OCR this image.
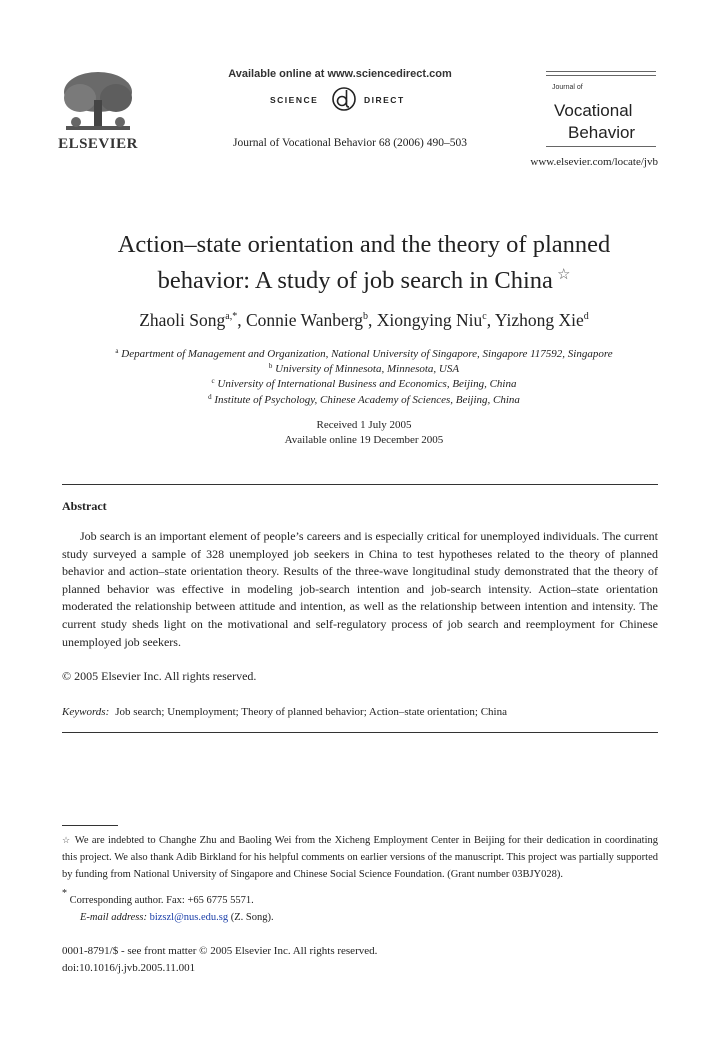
ELSEVIER
Available online at www.sciencedirect.com
SCIENCE	DIRECT
Journal of Vocational Behavior 68 (2006) 490–503
Journal of
Vocational
Behavior
www.elsevier.com/locate/jvb
Action–state orientation and the theory of planned
behavior: A study of job search in China ☆
Zhaoli Song$^{a,*}$, Connie Wanberg$^b$, Xiongying Niu$^c$, Yizhong Xie$^d$
$^a$ Department of Management and Organization, National University of Singapore, Singapore 117592, Singapore
$^b$ University of Minnesota, Minnesota, USA
$^c$ University of International Business and Economics, Beijing, China
$^d$ Institute of Psychology, Chinese Academy of Sciences, Beijing, China
Received 1 July 2005
Available online 19 December 2005
Abstract

Job search is an important element of people’s careers and is especially critical for unemployed individuals. The current study surveyed a sample of 328 unemployed job seekers in China to test hypotheses related to the theory of planned behavior and action–state orientation theory. Results of the three-wave longitudinal study demonstrated that the theory of planned behavior was effective in modeling job-search intention and job-search intensity. Action–state orientation moderated the relationship between attitude and intention, as well as the relationship between intention and intensity. The current study sheds light on the motivational and self-regulatory process of job search and reemployment for Chinese unemployed job seekers.

© 2005 Elsevier Inc. All rights reserved.
Keywords: Job search; Unemployment; Theory of planned behavior; Action–state orientation; China
☆ We are indebted to Changhe Zhu and Baoling Wei from the Xicheng Employment Center in Beijing for their dedication in coordinating this project. We also thank Adib Birkland for his helpful comments on earlier versions of the manuscript. This project was partially supported by funding from National University of Singapore and Chinese Social Science Foundation. (Grant number 03BJY028).
* Corresponding author. Fax: +65 6775 5571.
E-mail address: bizszl@nus.edu.sg (Z. Song).
0001-8791/$ - see front matter © 2005 Elsevier Inc. All rights reserved.
doi:10.1016/j.jvb.2005.11.001
